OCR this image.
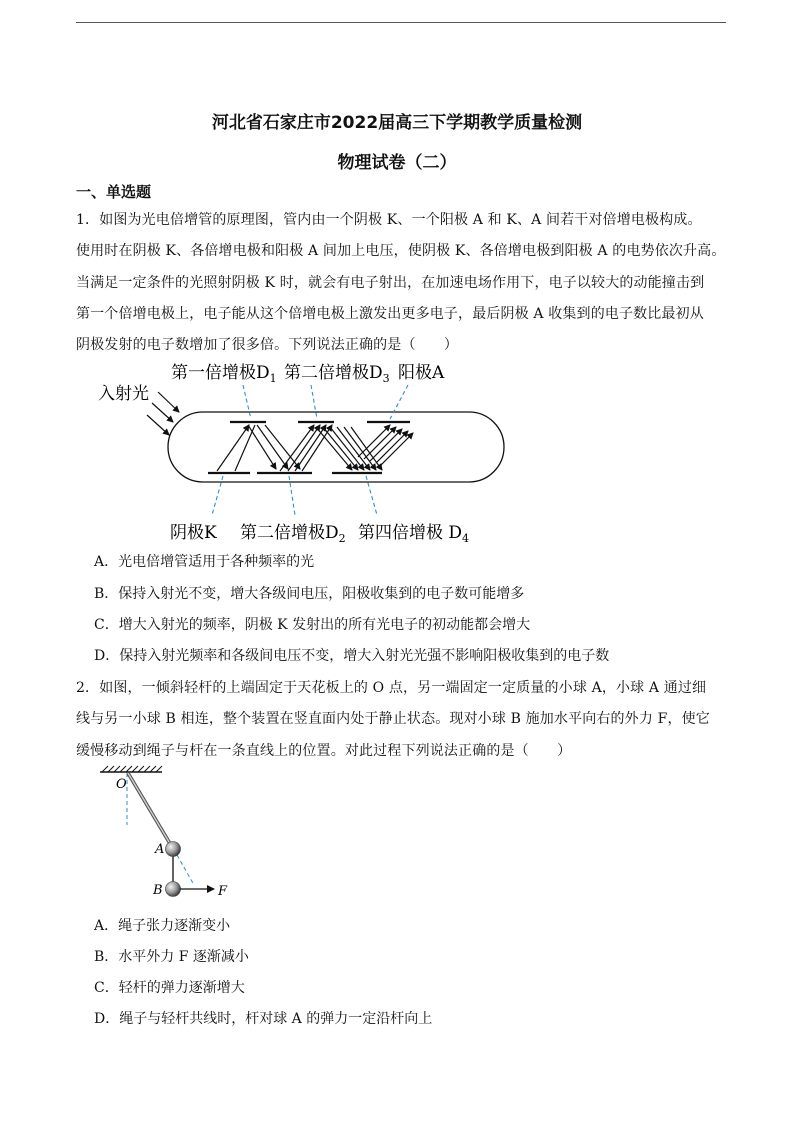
河北省石家庄市2022届高三下学期教学质量检测
物理试卷（二）
一、单选题
1．如图为光电倍增管的原理图，管内由一个阴极 K、一个阳极 A 和 K、A 间若干对倍增电极构成。
使用时在阴极 K、各倍增电极和阳极 A 间加上电压，使阴极 K、各倍增电极到阳极 A 的电势依次升高。
当满足一定条件的光照射阴极 K 时，就会有电子射出，在加速电场作用下，电子以较大的动能撞击到
第一个倍增电极上，电子能从这个倍增电极上激发出更多电子，最后阴极 A 收集到的电子数比最初从
阴极发射的电子数增加了很多倍。下列说法正确的是（　　）
第一倍增极$D_1$ 第二倍增极$D_3$ 阳极A
入射光
阴极K 第二倍增极$D_2$ 第四倍增极 $D_4$
A．光电倍增管适用于各种频率的光
B．保持入射光不变，增大各级间电压，阳极收集到的电子数可能增多
C．增大入射光的频率，阴极 K 发射出的所有光电子的初动能都会增大
D．保持入射光频率和各级间电压不变，增大入射光光强不影响阳极收集到的电子数
2．如图，一倾斜轻杆的上端固定于天花板上的 O 点，另一端固定一定质量的小球 A，小球 A 通过细
线与另一小球 B 相连，整个装置在竖直面内处于静止状态。现对小球 B 施加水平向右的外力 F，使它
缓慢移动到绳子与杆在一条直线上的位置。对此过程下列说法正确的是（　　）
O
A
B	F
A．绳子张力逐渐变小
B．水平外力 F 逐渐减小
C．轻杆的弹力逐渐增大
D．绳子与轻杆共线时，杆对球 A 的弹力一定沿杆向上
